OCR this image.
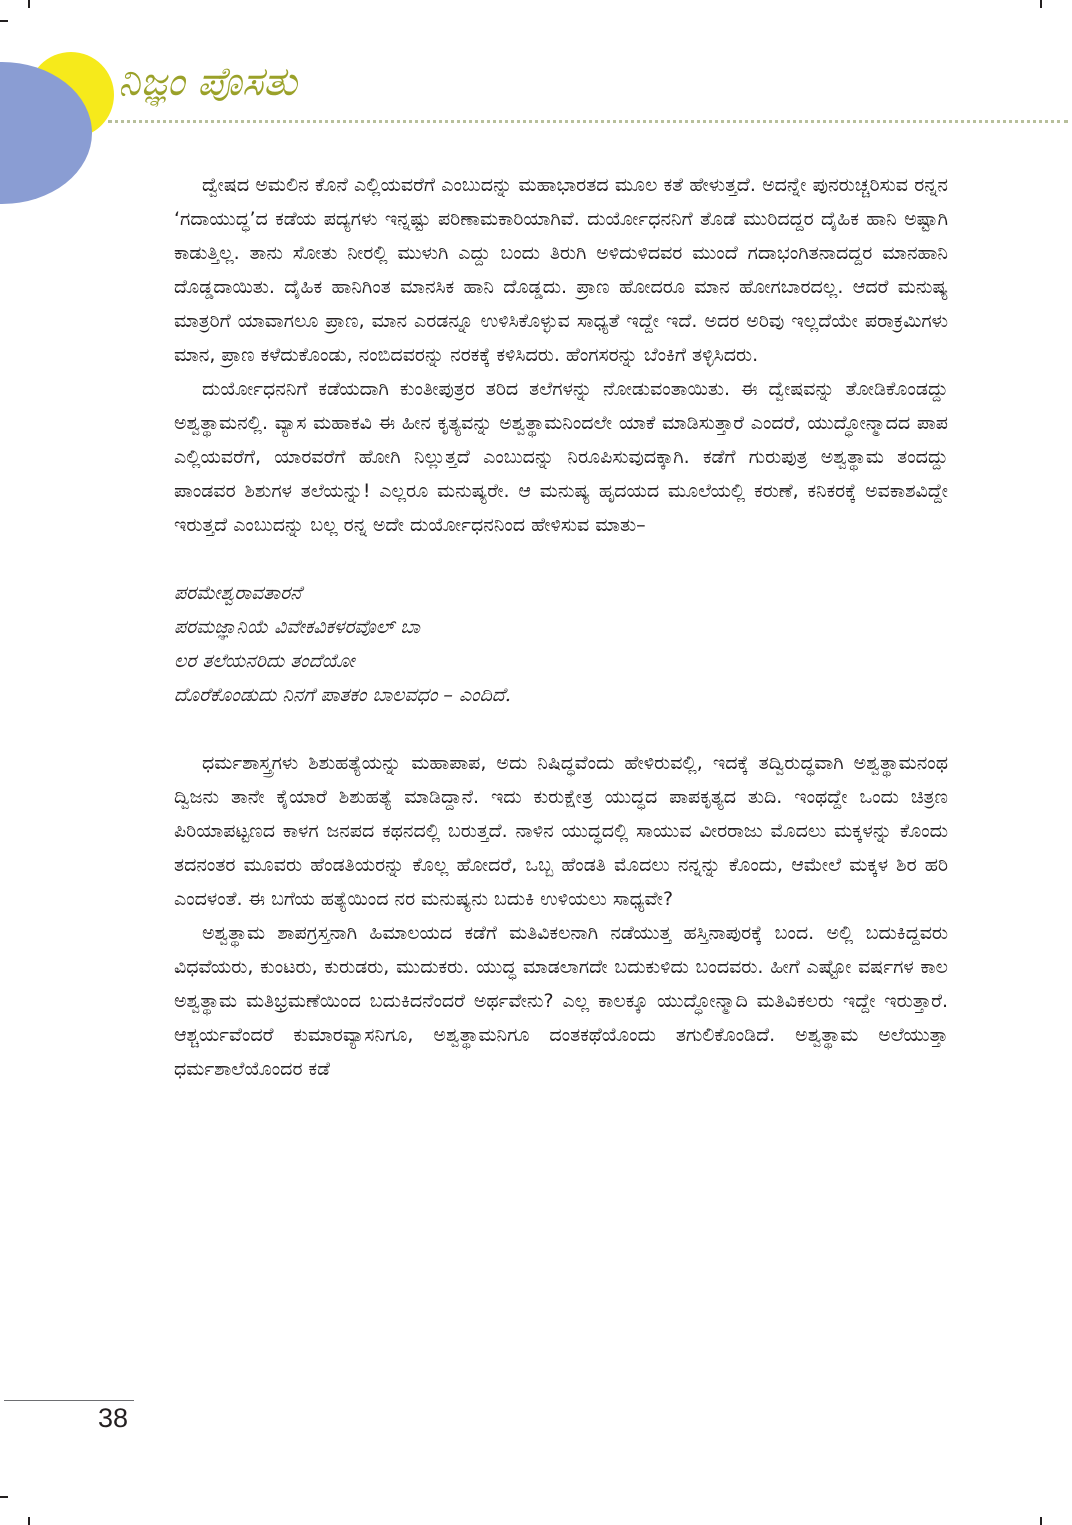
ನಿಜ್ಞಂ ಪೊಸತು

ದ್ವೇಷದ ಅಮಲಿನ ಕೊನೆ ಎಲ್ಲಿಯವರೆಗೆ ಎಂಬುದನ್ನು ಮಹಾಭಾರತದ ಮೂಲ ಕತೆ ಹೇಳುತ್ತದೆ. ಅದನ್ನೇ ಪುನರುಚ್ಚರಿಸುವ ರನ್ನನ ‘ಗದಾಯುದ್ಧ’ದ ಕಡೆಯ ಪದ್ಯಗಳು ಇನ್ನಷ್ಟು ಪರಿಣಾಮಕಾರಿಯಾಗಿವೆ. ದುರ್ಯೋಧನನಿಗೆ ತೊಡೆ ಮುರಿದದ್ದರ ದೈಹಿಕ ಹಾನಿ ಅಷ್ಟಾಗಿ ಕಾಡುತ್ತಿಲ್ಲ. ತಾನು ಸೋತು ನೀರಲ್ಲಿ ಮುಳುಗಿ ಎದ್ದು ಬಂದು ತಿರುಗಿ ಅಳಿದುಳಿದವರ ಮುಂದೆ ಗದಾಭಂಗಿತನಾದದ್ದರ ಮಾನಹಾನಿ ದೊಡ್ಡದಾಯಿತು. ದೈಹಿಕ ಹಾನಿಗಿಂತ ಮಾನಸಿಕ ಹಾನಿ ದೊಡ್ಡದು. ಪ್ರಾಣ ಹೋದರೂ ಮಾನ ಹೋಗಬಾರದಲ್ಲ. ಆದರೆ ಮನುಷ್ಯ ಮಾತ್ರರಿಗೆ ಯಾವಾಗಲೂ ಪ್ರಾಣ, ಮಾನ ಎರಡನ್ನೂ ಉಳಿಸಿಕೊಳ್ಳುವ ಸಾಧ್ಯತೆ ಇದ್ದೇ ಇದೆ. ಅದರ ಅರಿವು ಇಲ್ಲದೆಯೇ ಪರಾಕ್ರಮಿಗಳು ಮಾನ, ಪ್ರಾಣ ಕಳೆದುಕೊಂಡು, ನಂಬಿದವರನ್ನು ನರಕಕ್ಕೆ ಕಳಿಸಿದರು. ಹೆಂಗಸರನ್ನು ಬೆಂಕಿಗೆ ತಳ್ಳಿಸಿದರು.

ದುರ್ಯೋಧನನಿಗೆ ಕಡೆಯದಾಗಿ ಕುಂತೀಪುತ್ರರ ತರಿದ ತಲೆಗಳನ್ನು ನೋಡುವಂತಾಯಿತು. ಈ ದ್ವೇಷವನ್ನು ತೋಡಿಕೊಂಡದ್ದು ಅಶ್ವತ್ಥಾಮನಲ್ಲಿ. ವ್ಯಾಸ ಮಹಾಕವಿ ಈ ಹೀನ ಕೃತ್ಯವನ್ನು ಅಶ್ವತ್ಥಾಮನಿಂದಲೇ ಯಾಕೆ ಮಾಡಿಸುತ್ತಾರೆ ಎಂದರೆ, ಯುದ್ಧೋನ್ಮಾದದ ಪಾಪ ಎಲ್ಲಿಯವರೆಗೆ, ಯಾರವರೆಗೆ ಹೋಗಿ ನಿಲ್ಲುತ್ತದೆ ಎಂಬುದನ್ನು ನಿರೂಪಿಸುವುದಕ್ಕಾಗಿ. ಕಡೆಗೆ ಗುರುಪುತ್ರ ಅಶ್ವತ್ಥಾಮ ತಂದದ್ದು ಪಾಂಡವರ ಶಿಶುಗಳ ತಲೆಯನ್ನು! ಎಲ್ಲರೂ ಮನುಷ್ಯರೇ. ಆ ಮನುಷ್ಯ ಹೃದಯದ ಮೂಲೆಯಲ್ಲಿ ಕರುಣೆ, ಕನಿಕರಕ್ಕೆ ಅವಕಾಶವಿದ್ದೇ ಇರುತ್ತದೆ ಎಂಬುದನ್ನು ಬಲ್ಲ ರನ್ನ ಅದೇ ದುರ್ಯೋಧನನಿಂದ ಹೇಳಿಸುವ ಮಾತು–

ಪರಮೇಶ್ವರಾವತಾರನೆ
ಪರಮಜ್ಞಾನಿಯೆ ವಿವೇಕವಿಕಳರವೊಲ್ ಬಾ
ಲರ ತಲೆಯನರಿದು ತಂದೆಯೋ
ದೊರೆಕೊಂಡುದು ನಿನಗೆ ಪಾತಕಂ ಬಾಲವಧಂ – ಎಂದಿದೆ.

ಧರ್ಮಶಾಸ್ತ್ರಗಳು ಶಿಶುಹತ್ಯೆಯನ್ನು ಮಹಾಪಾಪ, ಅದು ನಿಷಿದ್ಧವೆಂದು ಹೇಳಿರುವಲ್ಲಿ, ಇದಕ್ಕೆ ತದ್ವಿರುದ್ಧವಾಗಿ ಅಶ್ವತ್ಥಾಮನಂಥ ದ್ವಿಜನು ತಾನೇ ಕೈಯಾರೆ ಶಿಶುಹತ್ಯೆ ಮಾಡಿದ್ದಾನೆ. ಇದು ಕುರುಕ್ಷೇತ್ರ ಯುದ್ಧದ ಪಾಪಕೃತ್ಯದ ತುದಿ. ಇಂಥದ್ದೇ ಒಂದು ಚಿತ್ರಣ ಪಿರಿಯಾಪಟ್ಟಣದ ಕಾಳಗ ಜನಪದ ಕಥನದಲ್ಲಿ ಬರುತ್ತದೆ. ನಾಳಿನ ಯುದ್ಧದಲ್ಲಿ ಸಾಯುವ ವೀರರಾಜು ಮೊದಲು ಮಕ್ಕಳನ್ನು ಕೊಂದು ತದನಂತರ ಮೂವರು ಹೆಂಡತಿಯರನ್ನು ಕೊಲ್ಲ ಹೋದರೆ, ಒಬ್ಬ ಹೆಂಡತಿ ಮೊದಲು ನನ್ನನ್ನು ಕೊಂದು, ಆಮೇಲೆ ಮಕ್ಕಳ ಶಿರ ಹರಿ ಎಂದಳಂತೆ. ಈ ಬಗೆಯ ಹತ್ಯೆಯಿಂದ ನರ ಮನುಷ್ಯನು ಬದುಕಿ ಉಳಿಯಲು ಸಾಧ್ಯವೇ?

ಅಶ್ವತ್ಥಾಮ ಶಾಪಗ್ರಸ್ತನಾಗಿ ಹಿಮಾಲಯದ ಕಡೆಗೆ ಮತಿವಿಕಲನಾಗಿ ನಡೆಯುತ್ತ ಹಸ್ತಿನಾಪುರಕ್ಕೆ ಬಂದ. ಅಲ್ಲಿ ಬದುಕಿದ್ದವರು ವಿಧವೆಯರು, ಕುಂಟರು, ಕುರುಡರು, ಮುದುಕರು. ಯುದ್ಧ ಮಾಡಲಾಗದೇ ಬದುಕುಳಿದು ಬಂದವರು. ಹೀಗೆ ಎಷ್ಟೋ ವರ್ಷಗಳ ಕಾಲ ಅಶ್ವತ್ಥಾಮ ಮತಿಭ್ರಮಣೆಯಿಂದ ಬದುಕಿದನೆಂದರೆ ಅರ್ಥವೇನು? ಎಲ್ಲ ಕಾಲಕ್ಕೂ ಯುದ್ಧೋನ್ಮಾದಿ ಮತಿವಿಕಲರು ಇದ್ದೇ ಇರುತ್ತಾರೆ. ಆಶ್ಚರ್ಯವೆಂದರೆ ಕುಮಾರವ್ಯಾಸನಿಗೂ, ಅಶ್ವತ್ಥಾಮನಿಗೂ ದಂತಕಥೆಯೊಂದು ತಗುಲಿಕೊಂಡಿದೆ. ಅಶ್ವತ್ಥಾಮ ಅಲೆಯುತ್ತಾ ಧರ್ಮಶಾಲೆಯೊಂದರ ಕಡೆ

38
